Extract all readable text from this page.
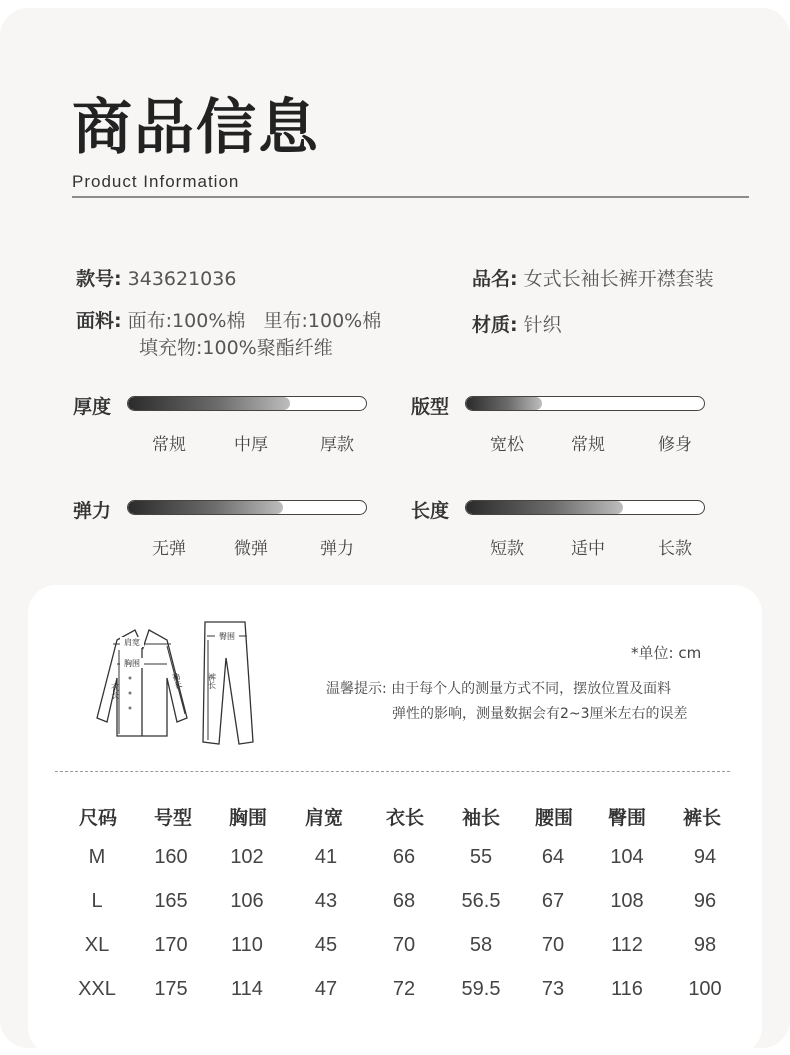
商品信息
Product Information
款号: 343621036	品名: 女式长袖长裤开襟套装
面料: 面布:100%棉   里布:100%棉
填充物:100%聚酯纤维
材质: 针织
厚度
常规	中厚	厚款
版型
宽松	常规	修身
弹力
无弹	微弹	弹力
长度
短款	适中	长款
肩宽
胸围
衣长
袖长
臀围
裤长
*单位: cm
温馨提示: 由于每个人的测量方式不同，摆放位置及面料
弹性的影响，测量数据会有2~3厘米左右的误差
尺码	号型	胸围	肩宽	衣长	袖长	腰围	臀围	裤长
M	160	102	41	66	55	64	104	94
L	165	106	43	68	56.5	67	108	96
XL	170	110	45	70	58	70	112	98
XXL	175	114	47	72	59.5	73	116	100
